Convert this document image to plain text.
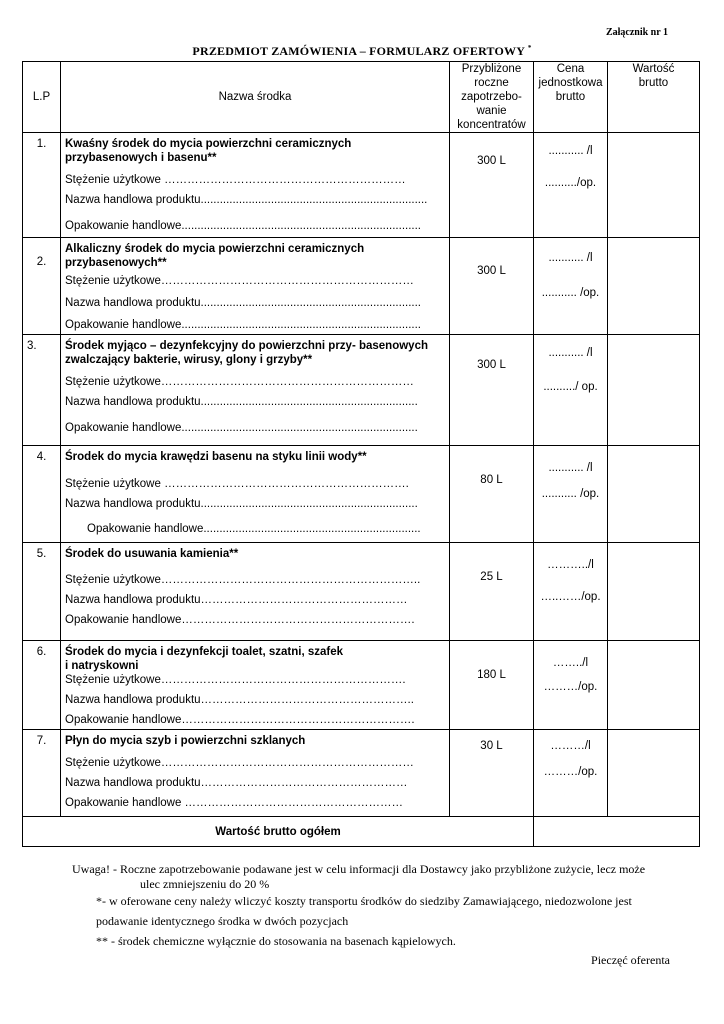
Załącznik nr 1
PRZEDMIOT ZAMÓWIENIA – FORMULARZ OFERTOWY *
L.P	Nazwa środka	Przybliżone
roczne
zapotrzebo-
wanie
koncentratów	Cena
jednostkowa
brutto	Wartość
brutto

1.	Kwaśny środek do mycia powierzchni ceramicznych
przybasenowych i basenu**
Stężenie użytkowe ………………………………………………………
Nazwa handlowa produktu.......................................................................
Opakowanie handlowe...........................................................................	300 L	........... /l
........../op.	

2.	Alkaliczny środek do mycia powierzchni ceramicznych
przybasenowych**
Stężenie użytkowe…………………………………………………………
Nazwa handlowa produktu.....................................................................
Opakowanie handlowe...........................................................................	300 L	........... /l
........... /op.	

3.	Środek myjąco – dezynfekcyjny do powierzchni przy- basenowych
zwalczający bakterie, wirusy, glony i grzyby**
Stężenie użytkowe…………………………………………………………
Nazwa handlowa produktu....................................................................
Opakowanie handlowe..........................................................................	300 L	........... /l
........../ op.	

4.	Środek do mycia krawędzi basenu na styku linii wody**
Stężenie użytkowe ……………………………………………………….
Nazwa handlowa produktu....................................................................
Opakowanie handlowe....................................................................	80 L	........... /l
........... /op.	

5.	Środek do usuwania kamienia**
Stężenie użytkowe…………………………………………………………..
Nazwa handlowa produktu………………………………………………
Opakowanie handlowe…………………………………………………….	25 L	………../l
…..……/op.	

6.	Środek do mycia i dezynfekcji toalet, szatni, szafek
i natryskowni
Stężenie użytkowe……………………………………………………….
Nazwa handlowa produktu………………………………………………..
Opakowanie handlowe…………………………………………………….	180 L	……../l
………/op.	

7.	Płyn do mycia szyb i powierzchni szklanych
Stężenie użytkowe…………………………………………………………
Nazwa handlowa produktu………………………………………………
Opakowanie handlowe …………………………………………………	30 L	………/l
………/op.	

Wartość brutto ogółem				
Uwaga! - Roczne zapotrzebowanie podawane jest w celu informacji dla Dostawcy jako przybliżone zużycie, lecz może
ulec zmniejszeniu do 20 %
*- w oferowane ceny należy wliczyć koszty transportu środków do siedziby Zamawiającego, niedozwolone jest
podawanie identycznego środka w dwóch pozycjach
** - środek chemiczne wyłącznie do stosowania na basenach kąpielowych.
Pieczęć oferenta
